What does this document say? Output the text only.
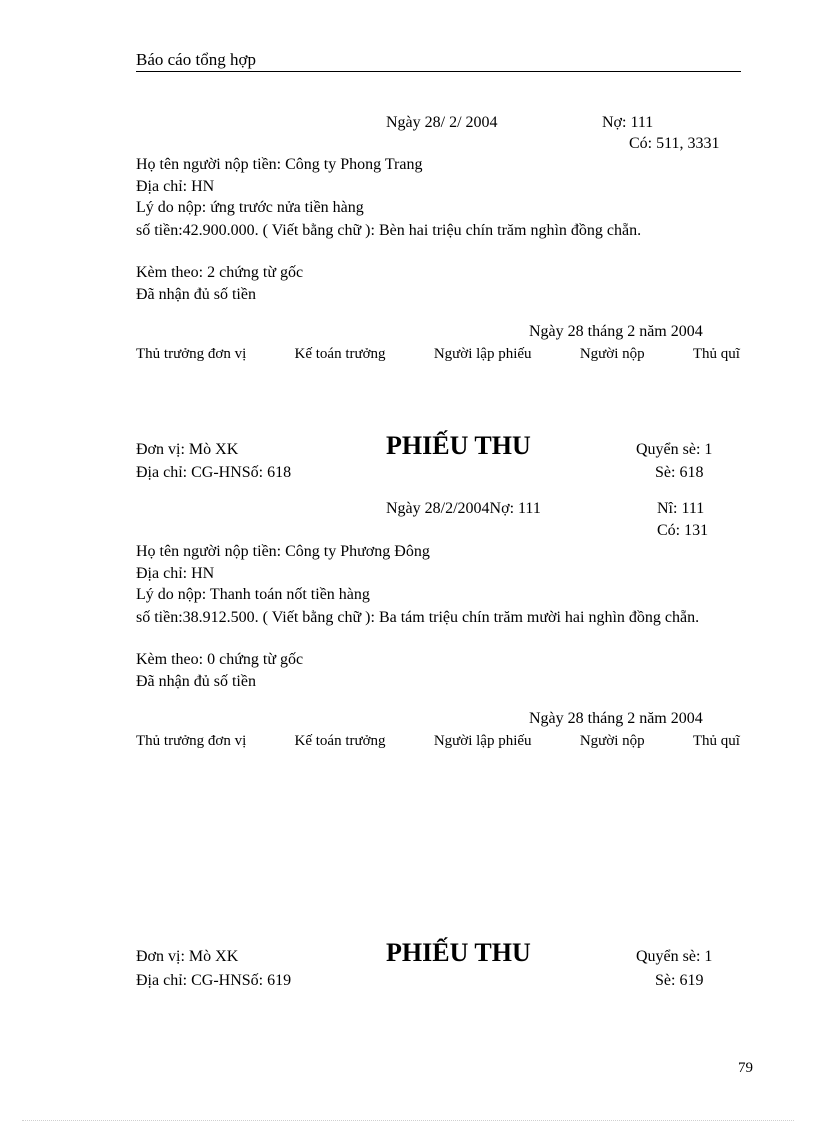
Báo cáo tổng hợp
Ngày 28/ 2/ 2004	Nợ: 111
Có: 511, 3331
Họ tên người nộp tiền: Công ty Phong Trang
Địa chỉ: HN
Lý do nộp: ứng trước nửa tiền hàng
số tiền:42.900.000. ( Viết bằng chữ ): Bèn hai triệu chín trăm nghìn đồng chẵn.
Kèm theo: 2 chứng từ gốc
Đã nhận đủ số tiền
Ngày 28 tháng 2 năm 2004
Thủ trưởng đơn vị	Kế toán trưởng	Người lập phiếu	Người nộp	Thủ quĩ
Đơn vị: Mò XK	PHIẾU THU	Quyển sè: 1
Địa chỉ: CG-HNSố: 618	Sè: 618
Ngày 28/2/2004Nợ: 111	Nî: 111
Có: 131
Họ tên người nộp tiền: Công ty Phương Đông
Địa chỉ: HN
Lý do nộp: Thanh toán nốt tiền hàng
số tiền:38.912.500. ( Viết bằng chữ ): Ba tám triệu chín trăm mười hai nghìn đồng chẵn.
Kèm theo: 0 chứng từ gốc
Đã nhận đủ số tiền
Ngày 28 tháng 2 năm 2004
Thủ trưởng đơn vị	Kế toán trưởng	Người lập phiếu	Người nộp	Thủ quĩ
Đơn vị: Mò XK	PHIẾU THU	Quyển sè: 1
Địa chỉ: CG-HNSố: 619	Sè: 619
79
